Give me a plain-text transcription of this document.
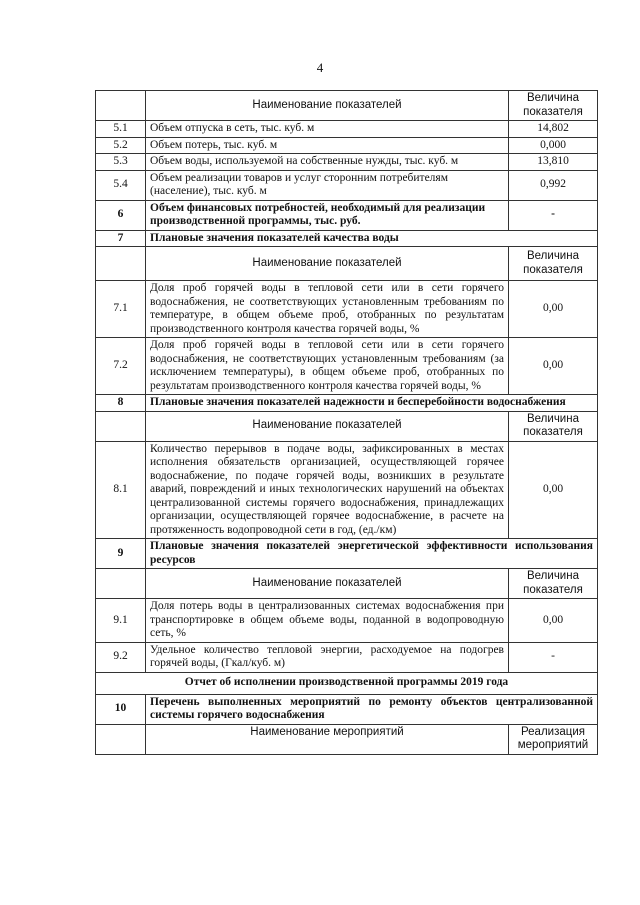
4
	Наименование показателей	Величина показателя
5.1	Объем отпуска в сеть, тыс. куб. м	14,802
5.2	Объем потерь, тыс. куб. м	0,000
5.3	Объем воды, используемой на собственные нужды, тыс. куб. м	13,810
5.4	Объем реализации товаров и услуг сторонним потребителям (население), тыс. куб. м	0,992
6	Объем финансовых потребностей, необходимый для реализации производственной программы, тыс. руб.	-
7	Плановые значения показателей качества воды	
	Наименование показателей	Величина показателя
7.1	Доля проб горячей воды в тепловой сети или в сети горячего водоснабжения, не соответствующих установленным требованиям по температуре, в общем объеме проб, отобранных по результатам производственного контроля качества горячей воды, %	0,00
7.2	Доля проб горячей воды в тепловой сети или в сети горячего водоснабжения, не соответствующих установленным требованиям (за исключением температуры), в общем объеме проб, отобранных по результатам производственного контроля качества горячей воды, %	0,00
8	Плановые значения показателей надежности и бесперебойности водоснабжения	
	Наименование показателей	Величина показателя
8.1	Количество перерывов в подаче воды, зафиксированных в местах исполнения обязательств организацией, осуществляющей горячее водоснабжение, по подаче горячей воды, возникших в результате аварий, повреждений и иных технологических нарушений на объектах централизованной системы горячего водоснабжения, принадлежащих организации, осуществляющей горячее водоснабжение, в расчете на протяженность водопроводной сети в год, (ед./км)	0,00
9	Плановые значения показателей энергетической эффективности использования ресурсов	
	Наименование показателей	Величина показателя
9.1	Доля потерь воды в централизованных системах водоснабжения при транспортировке в общем объеме воды, поданной в водопроводную сеть, %	0,00
9.2	Удельное количество тепловой энергии, расходуемое на подогрев горячей воды, (Гкал/куб. м)	-
Отчет об исполнении производственной программы 2019 года		
10	Перечень выполненных мероприятий по ремонту объектов централизованной системы горячего водоснабжения	
	Наименование мероприятий	Реализация мероприятий
